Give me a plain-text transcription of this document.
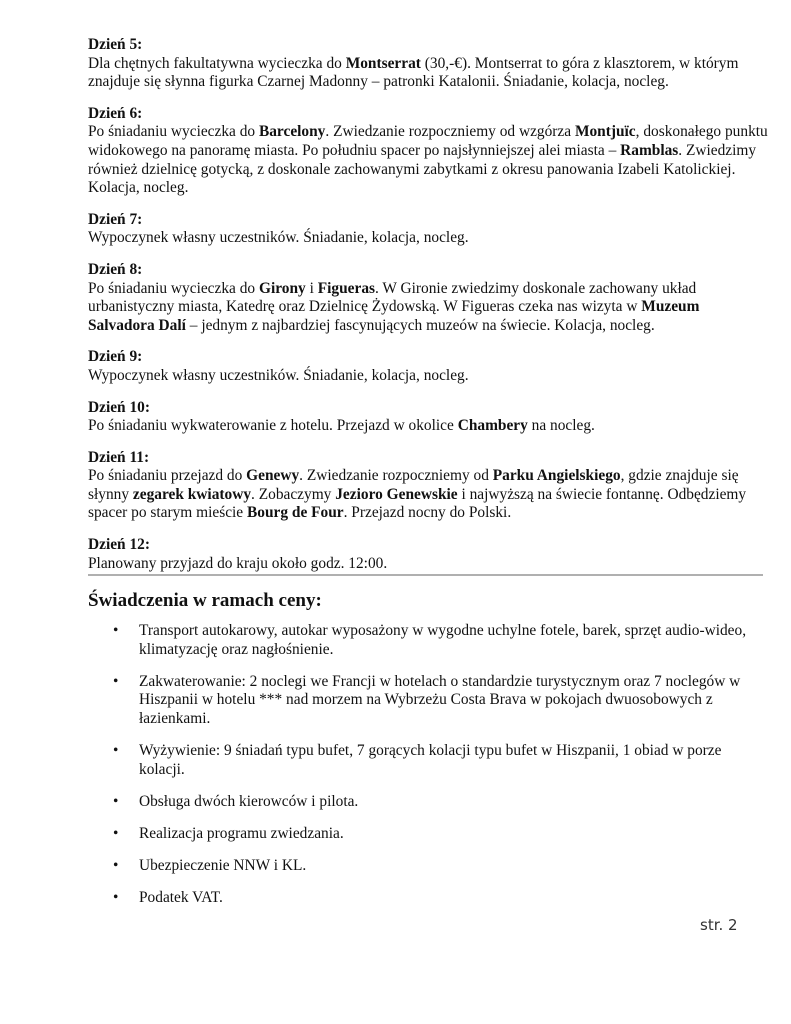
Dzień 5:
Dla chętnych fakultatywna wycieczka do Montserrat (30,-€). Montserrat to góra z klasztorem, w którym znajduje się słynna figurka Czarnej Madonny – patronki Katalonii. Śniadanie, kolacja, nocleg.

Dzień 6:
Po śniadaniu wycieczka do Barcelony. Zwiedzanie rozpoczniemy od wzgórza Montjuïc, doskonałego punktu widokowego na panoramę miasta. Po południu spacer po najsłynniejszej alei miasta – Ramblas. Zwiedzimy również dzielnicę gotycką, z doskonale zachowanymi zabytkami z okresu panowania Izabeli Katolickiej. Kolacja, nocleg.

Dzień 7:
Wypoczynek własny uczestników. Śniadanie, kolacja, nocleg.

Dzień 8:
Po śniadaniu wycieczka do Girony i Figueras. W Gironie zwiedzimy doskonale zachowany układ urbanistyczny miasta, Katedrę oraz Dzielnicę Żydowską. W Figueras czeka nas wizyta w Muzeum Salvadora Dalí – jednym z najbardziej fascynujących muzeów na świecie. Kolacja, nocleg.

Dzień 9:
Wypoczynek własny uczestników. Śniadanie, kolacja, nocleg.

Dzień 10:
Po śniadaniu wykwaterowanie z hotelu. Przejazd w okolice Chambery na nocleg.

Dzień 11:
Po śniadaniu przejazd do Genewy. Zwiedzanie rozpoczniemy od Parku Angielskiego, gdzie znajduje się słynny zegarek kwiatowy. Zobaczymy Jezioro Genewskie i najwyższą na świecie fontannę. Odbędziemy spacer po starym mieście Bourg de Four. Przejazd nocny do Polski.

Dzień 12:
Planowany przyjazd do kraju około godz. 12:00.

Świadczenia w ramach ceny:
• Transport autokarowy, autokar wyposażony w wygodne uchylne fotele, barek, sprzęt audio-wideo, klimatyzację oraz nagłośnienie.
• Zakwaterowanie: 2 noclegi we Francji w hotelach o standardzie turystycznym oraz 7 noclegów w Hiszpanii w hotelu *** nad morzem na Wybrzeżu Costa Brava w pokojach dwuosobowych z łazienkami.
• Wyżywienie: 9 śniadań typu bufet, 7 gorących kolacji typu bufet w Hiszpanii, 1 obiad w porze kolacji.
• Obsługa dwóch kierowców i pilota.
• Realizacja programu zwiedzania.
• Ubezpieczenie NNW i KL.
• Podatek VAT.
str. 2
